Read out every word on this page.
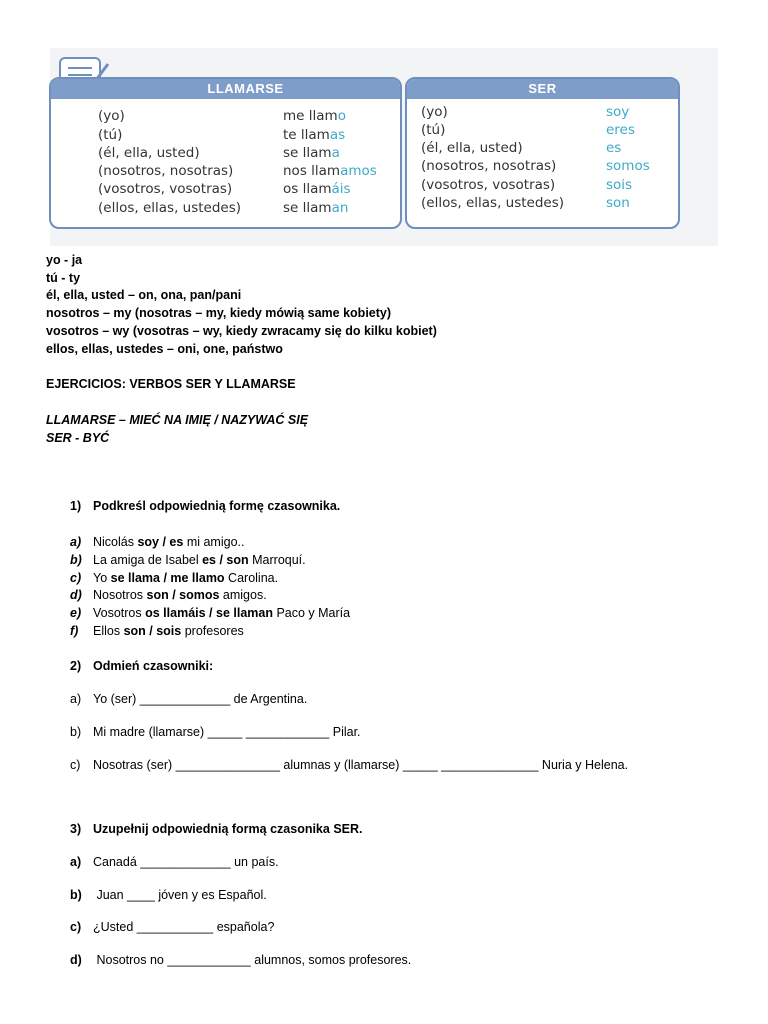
LLAMARSE	SER
(yo)
(tú)
(él, ella, usted)
(nosotros, nosotras)
(vosotros, vosotras)
(ellos, ellas, ustedes)
me llamo
te llamas
se llama
nos llamamos
os llamáis
se llaman
(yo)
(tú)
(él, ella, usted)
(nosotros, nosotras)
(vosotros, vosotras)
(ellos, ellas, ustedes)
soy
eres
es
somos
sois
son
yo - ja
tú - ty
él, ella, usted – on, ona, pan/pani
nosotros – my (nosotras – my, kiedy mówią same kobiety)
vosotros – wy (vosotras – wy, kiedy zwracamy się do kilku kobiet)
ellos, ellas, ustedes – oni, one, państwo
EJERCICIOS: VERBOS SER Y LLAMARSE
LLAMARSE – MIEĆ NA IMIĘ / NAZYWAĆ SIĘ
SER - BYĆ
1) Podkreśl odpowiednią formę czasownika.
a) Nicolás soy / es mi amigo..
b) La amiga de Isabel es / son Marroquí.
c) Yo se llama / me llamo Carolina.
d) Nosotros son / somos amigos.
e) Vosotros os llamáis / se llaman Paco y María
f) Ellos son / sois profesores
2) Odmień czasowniki:
a) Yo (ser) _____________ de Argentina.
b) Mi madre (llamarse) _____ ____________ Pilar.
c) Nosotras (ser) _______________ alumnas y (llamarse) _____ ______________ Nuria y Helena.
3) Uzupełnij odpowiednią formą czasonika SER.
a) Canadá _____________ un país.
b) Juan ____ jóven y es Español.
c) ¿Usted ___________ española?
d) Nosotros no ____________ alumnos, somos profesores.
